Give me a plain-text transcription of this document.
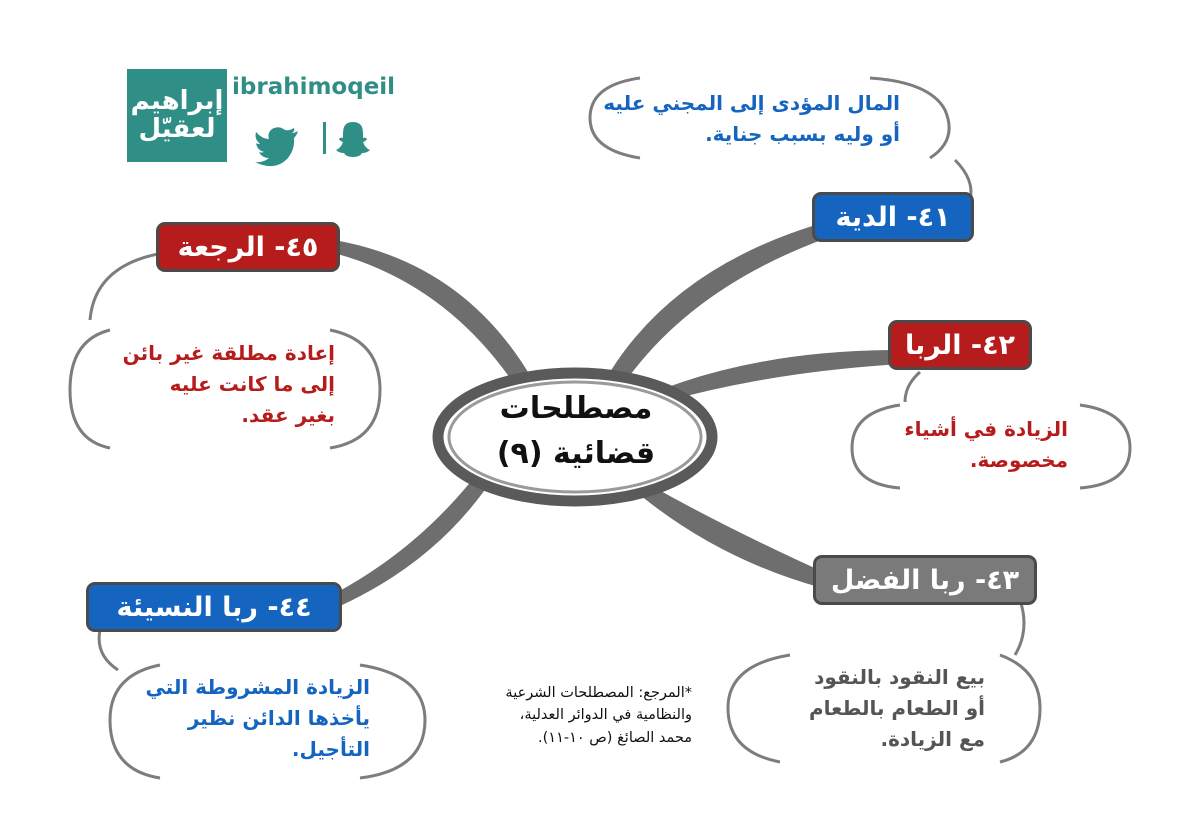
إبراهيم
لعقيّل
ibrahimoqeil
مصطلحات
قضائية (٩)
٤١- الدية
المال المؤدى إلى المجني عليه
أو وليه بسبب جناية.
٤٢- الربا
الزيادة في أشياء
مخصوصة.
٤٣- ربا الفضل
بيع النقود بالنقود
أو الطعام بالطعام
مع الزيادة.
٤٤- ربا النسيئة
الزيادة المشروطة التي
يأخذها الدائن نظير
التأجيل.
٤٥- الرجعة
إعادة مطلقة غير بائن
إلى ما كانت عليه
بغير عقد.
*المرجع: المصطلحات الشرعية
والنظامية في الدوائر العدلية،
محمد الصائغ (ص ١٠-١١).
